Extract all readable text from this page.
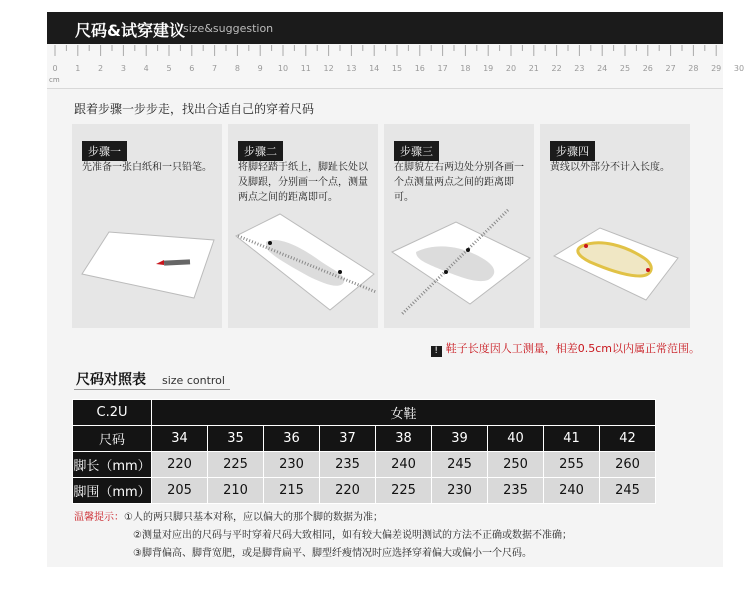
尺码&试穿建议
size&suggestion
cm
0	1	2	3	4	5	6	7	8	9	10	11	12	13	14	15	16	17	18	19	20	21	22	23	24	25	26	27	28	29	30
跟着步骤一步步走，找出合适自己的穿着尺码
步骤一
先准备一张白纸和一只铅笔。
步骤二
将脚轻踏于纸上，脚趾长处以及脚跟，分别画一个点，测量两点之间的距离即可。
步骤三
在脚貌左右两边处分别各画一个点测量两点之间的距离即可。
步骤四
黄线以外部分不计入长度。
! 鞋子长度因人工测量，相差0.5cm以内属正常范围。
尺码对照表 size control
C.2U	女鞋								
尺码	34	35	36	37	38	39	40	41	42
脚长（mm）	220	225	230	235	240	245	250	255	260
脚围（mm）	205	210	215	220	225	230	235	240	245
温馨提示：①人的两只脚只基本对称，应以偏大的那个脚的数据为准；
②测量对应出的尺码与平时穿着尺码大致相同，如有较大偏差说明测试的方法不正确或数据不准确；
③脚背偏高、脚背宽肥，或是脚背扁平、脚型纤瘦情况时应选择穿着偏大或偏小一个尺码。
